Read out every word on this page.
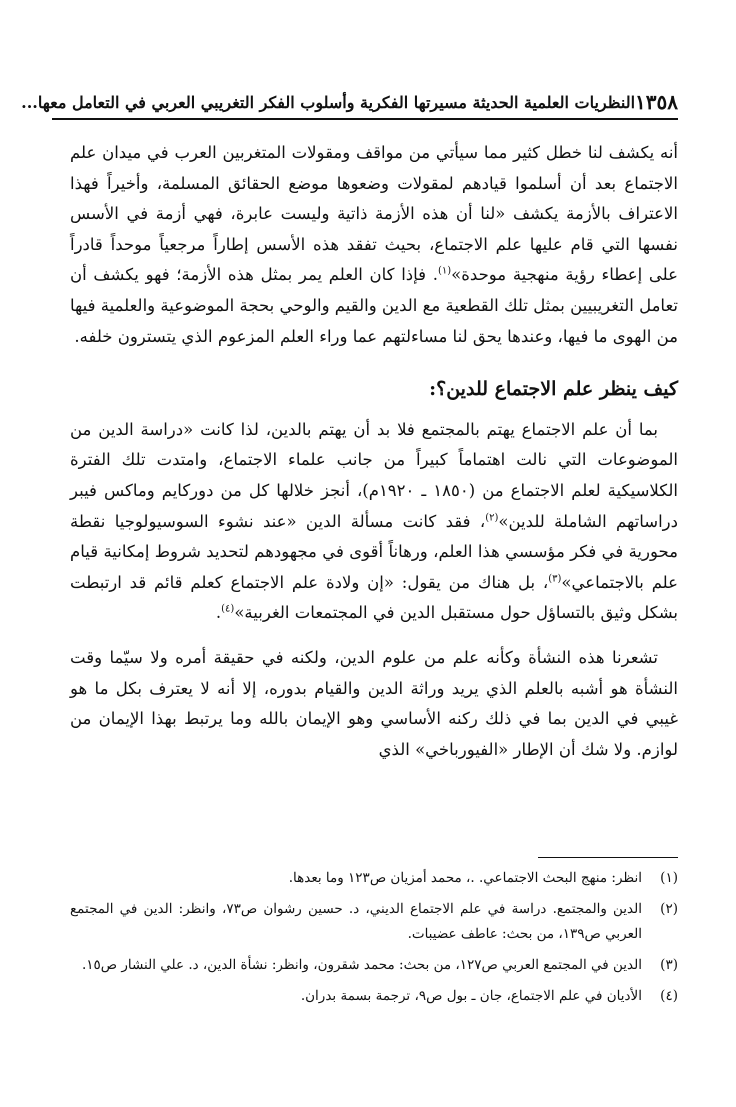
١٣٥٨
النظريات العلمية الحديثة مسيرتها الفكرية وأسلوب الفكر التغريبي العربي في التعامل معها...

أنه يكشف لنا خطل كثير مما سيأتي من مواقف ومقولات المتغربين العرب في ميدان علم الاجتماع بعد أن أسلموا قيادهم لمقولات وضعوها موضع الحقائق المسلمة، وأخيراً فهذا الاعتراف بالأزمة يكشف «لنا أن هذه الأزمة ذاتية وليست عابرة، فهي أزمة في الأسس نفسها التي قام عليها علم الاجتماع، بحيث تفقد هذه الأسس إطاراً مرجعياً موحداً قادراً على إعطاء رؤية منهجية موحدة»$^{(١)}$. فإذا كان العلم يمر بمثل هذه الأزمة؛ فهو يكشف أن تعامل التغريبيين بمثل تلك القطعية مع الدين والقيم والوحي بحجة الموضوعية والعلمية فيها من الهوى ما فيها، وعندها يحق لنا مساءلتهم عما وراء العلم المزعوم الذي يتسترون خلفه.

كيف ينظر علم الاجتماع للدين؟:

بما أن علم الاجتماع يهتم بالمجتمع فلا بد أن يهتم بالدين، لذا كانت «دراسة الدين من الموضوعات التي نالت اهتماماً كبيراً من جانب علماء الاجتماع، وامتدت تلك الفترة الكلاسيكية لعلم الاجتماع من (١٨٥٠ ـ ١٩٢٠م)، أنجز خلالها كل من دوركايم وماكس فيبر دراساتهم الشاملة للدين»$^{(٢)}$، فقد كانت مسألة الدين «عند نشوء السوسيولوجيا نقطة محورية في فكر مؤسسي هذا العلم، ورهاناً أقوى في مجهودهم لتحديد شروط إمكانية قيام علم بالاجتماعي»$^{(٣)}$، بل هناك من يقول: «إن ولادة علم الاجتماع كعلم قائم قد ارتبطت بشكل وثيق بالتساؤل حول مستقبل الدين في المجتمعات الغربية»$^{(٤)}$.

تشعرنا هذه النشأة وكأنه علم من علوم الدين، ولكنه في حقيقة أمره ولا سيّما وقت النشأة هو أشبه بالعلم الذي يريد وراثة الدين والقيام بدوره، إلا أنه لا يعترف بكل ما هو غيبي في الدين بما في ذلك ركنه الأساسي وهو الإيمان بالله وما يرتبط بهذا الإيمان من لوازم. ولا شك أن الإطار «الفيورباخي» الذي

(١)
انظر: منهج البحث الاجتماعي. .، محمد أمزيان ص١٢٣ وما بعدها.
(٢)
الدين والمجتمع. دراسة في علم الاجتماع الديني، د. حسين رشوان ص٧٣، وانظر: الدين في المجتمع العربي ص١٣٩، من بحث: عاطف عضيبات.
(٣)
الدين في المجتمع العربي ص١٢٧، من بحث: محمد شقرون، وانظر: نشأة الدين، د. علي النشار ص١٥.
(٤)
الأديان في علم الاجتماع، جان ـ بول ص٩، ترجمة بسمة بدران.
